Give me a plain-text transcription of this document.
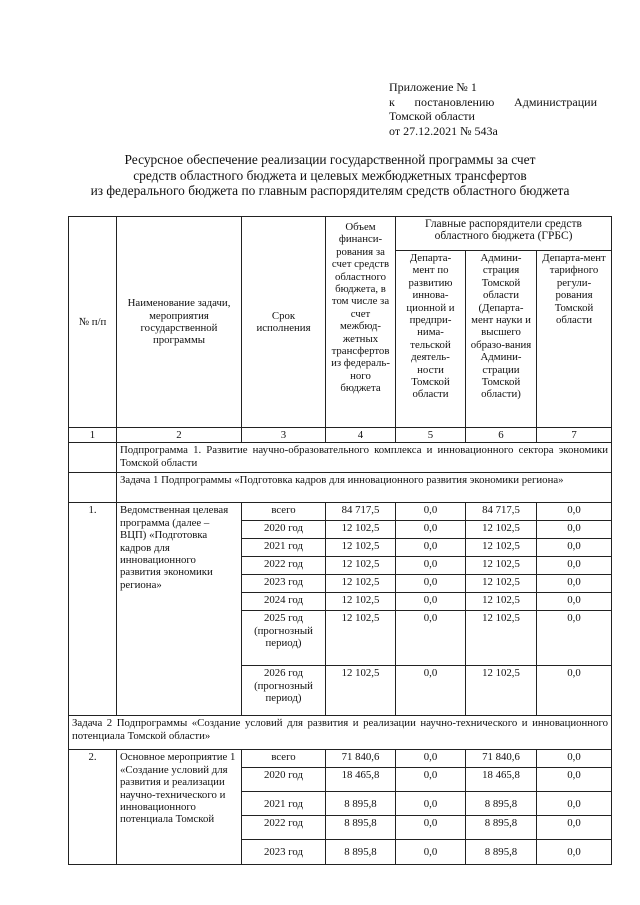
Приложение № 1
к постановлению Администрации
Томской области
от 27.12.2021 № 543а
Ресурсное обеспечение реализации государственной программы за счет
средств областного бюджета и целевых межбюджетных трансфертов
из федерального бюджета по главным распорядителям средств областного бюджета
№ п/п	Наименование задачи, мероприятия государственной программы	Срок исполнения	Объем финанси-рования за счет средств областного бюджета, в том числе за счет межбюд-жетных трансфертов из федераль-ного бюджета	Главные распорядители средств областного бюджета (ГРБС)		
				Департа-мент по развитию иннова-ционной и предпри-нима-тельской деятель-ности Томской области	Админи-страция Томской области (Департа-мент науки и высшего образо-вания Админи-страции Томской области)	Департа-мент тарифного регули-рования Томской области
1	2	3	4	5	6	7
	Подпрограмма 1. Развитие научно-образовательного комплекса и инновационного сектора экономики Томской области					
	Задача 1 Подпрограммы «Подготовка кадров для инновационного развития экономики региона»					
1.	Ведомственная целевая программа (далее – ВЦП) «Подготовка кадров для инновационного развития экономики региона»	всего	84 717,5	0,0	84 717,5	0,0
		2020 год	12 102,5	0,0	12 102,5	0,0
		2021 год	12 102,5	0,0	12 102,5	0,0
		2022 год	12 102,5	0,0	12 102,5	0,0
		2023 год	12 102,5	0,0	12 102,5	0,0
		2024 год	12 102,5	0,0	12 102,5	0,0
		2025 год (прогнозный период)	12 102,5	0,0	12 102,5	0,0
		2026 год (прогнозный период)	12 102,5	0,0	12 102,5	0,0
Задача 2 Подпрограммы «Создание условий для развития и реализации научно-технического и инновационного потенциала Томской области»						
2.	Основное мероприятие 1 «Создание условий для развития и реализации научно-технического и инновационного потенциала Томской	всего	71 840,6	0,0	71 840,6	0,0
		2020 год	18 465,8	0,0	18 465,8	0,0
		2021 год	8 895,8	0,0	8 895,8	0,0
		2022 год	8 895,8	0,0	8 895,8	0,0
		2023 год	8 895,8	0,0	8 895,8	0,0
